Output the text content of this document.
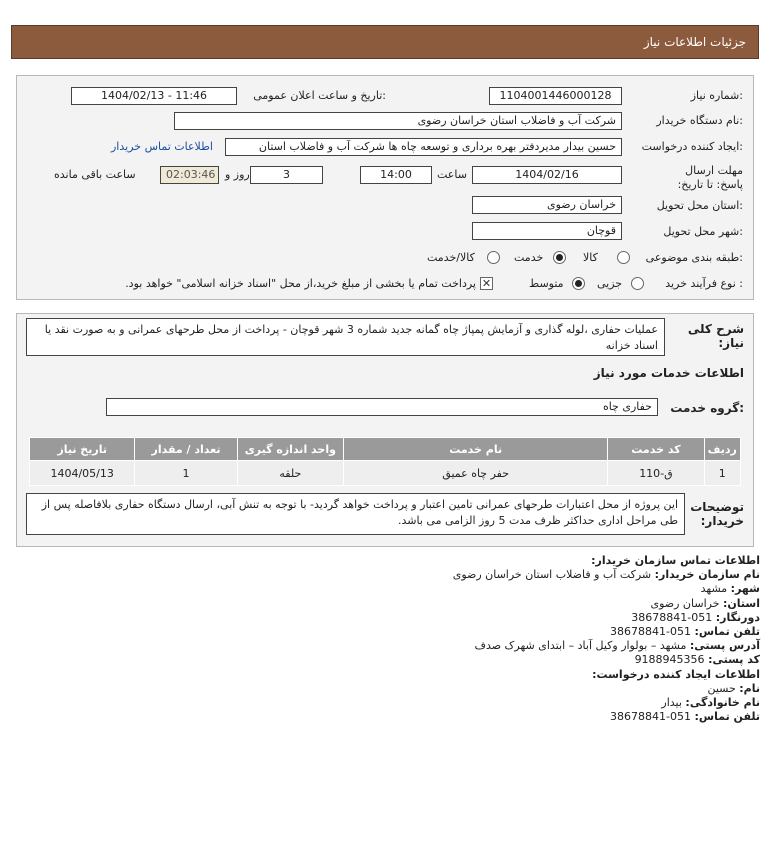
جزئیات اطلاعات نیاز
شماره نیاز:
1104001446000128
تاریخ و ساعت اعلان عمومی:
1404/02/13 - 11:46
نام دستگاه خریدار:
شرکت آب و فاضلاب استان خراسان رضوی
ایجاد کننده درخواست:
حسین بیدار مدیردفتر بهره برداری و توسعه چاه ها شرکت آب و فاضلاب استان
اطلاعات تماس خریدار
مهلت ارسال پاسخ: تا تاریخ:
1404/02/16
ساعت
14:00
3
روز و
02:03:46
ساعت باقی مانده
استان محل تحویل:
خراسان رضوی
شهر محل تحویل:
قوچان
طبقه بندی موضوعی:
کالا
خدمت
کالا/خدمت
نوع فرآیند خرید :
جزیی
متوسط
✕
پرداخت تمام یا بخشی از مبلغ خرید،از محل "اسناد خزانه اسلامی" خواهد بود.
شرح کلی نیاز:
عملیات حفاری ،لوله گذاری و آزمایش پمپاژ چاه گمانه جدید شماره 3 شهر قوچان - پرداخت از محل طرحهای عمرانی و به صورت نقد یا اسناد خزانه
اطلاعات خدمات مورد نیاز
گروه خدمت:
حفاری چاه
ردیف	کد خدمت	نام خدمت	واحد اندازه گیری	تعداد / مقدار	تاریخ نیاز
1	ق-110	حفر چاه عمیق	حلقه	1	1404/05/13
توضیحات خریدار:
این پروژه از محل اعتبارات طرحهای عمرانی تامین اعتبار و پرداخت خواهد گردید- با توجه به تنش آبی، ارسال دستگاه حفاری بلافاصله پس از طی مراحل اداری حداکثر ظرف مدت 5 روز الزامی می باشد.
اطلاعات تماس سازمان خریدار:
نام سازمان خریدار: شرکت آب و فاضلاب استان خراسان رضوی
شهر: مشهد
استان: خراسان رضوی
دورنگار: 051-38678841
تلفن تماس: 051-38678841
آدرس پستی: مشهد – بولوار وکیل آباد – ابتدای شهرک صدف
کد پستی: 9188945356
اطلاعات ایجاد کننده درخواست:
نام: حسین
نام خانوادگی: بیدار
تلفن تماس: 051-38678841
